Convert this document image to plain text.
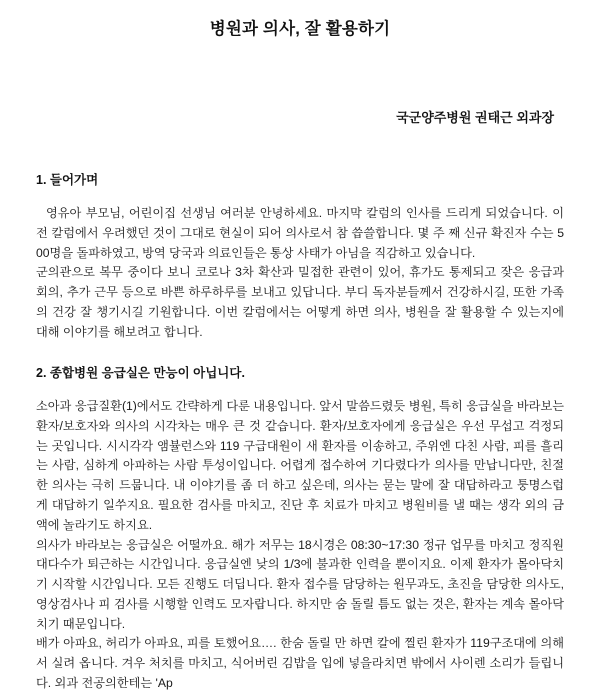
병원과 의사, 잘 활용하기

국군양주병원 권태근 외과장

1. 들어가며

영유아 부모님, 어린이집 선생님 여러분 안녕하세요. 마지막 칼럼의 인사를 드리게 되었습니다. 이전 칼럼에서 우려했던 것이 그대로 현실이 되어 의사로서 참 씁쓸합니다. 몇 주 째 신규 확진자 수는 500명을 돌파하였고, 방역 당국과 의료인들은 통상 사태가 아님을 직감하고 있습니다.

군의관으로 복무 중이다 보니 코로나 3차 확산과 밀접한 관련이 있어, 휴가도 통제되고 잦은 응급과 회의, 추가 근무 등으로 바쁜 하루하루를 보내고 있답니다. 부디 독자분들께서 건강하시길, 또한 가족의 건강 잘 챙기시길 기원합니다. 이번 칼럼에서는 어떻게 하면 의사, 병원을 잘 활용할 수 있는지에 대해 이야기를 해보려고 합니다.

2. 종합병원 응급실은 만능이 아닙니다.

소아과 응급질환(1)에서도 간략하게 다룬 내용입니다. 앞서 말씀드렸듯 병원, 특히 응급실을 바라보는 환자/보호자와 의사의 시각차는 매우 큰 것 같습니다. 환자/보호자에게 응급실은 우선 무섭고 걱정되는 곳입니다. 시시각각 앰뷸런스와 119 구급대원이 새 환자를 이송하고, 주위엔 다친 사람, 피를 흘리는 사람, 심하게 아파하는 사람 투성이입니다. 어렵게 접수하여 기다렸다가 의사를 만납니다만, 친절한 의사는 극히 드뭅니다. 내 이야기를 좀 더 하고 싶은데, 의사는 묻는 말에 잘 대답하라고 퉁명스럽게 대답하기 일쑤지요. 필요한 검사를 마치고, 진단 후 치료가 마치고 병원비를 낼 때는 생각 외의 금액에 놀라기도 하지요.

의사가 바라보는 응급실은 어떨까요. 해가 저무는 18시경은 08:30~17:30 정규 업무를 마치고 정직원 대다수가 퇴근하는 시간입니다. 응급실엔 낮의 1/3에 불과한 인력을 뿐이지요. 이제 환자가 몰아닥치기 시작할 시간입니다. 모든 진행도 더딥니다. 환자 접수를 담당하는 원무과도, 초진을 담당한 의사도, 영상검사나 피 검사를 시행할 인력도 모자랍니다. 하지만 숨 돌릴 틈도 없는 것은, 환자는 계속 몰아닥치기 때문입니다.

배가 아파요, 허리가 아파요, 피를 토했어요…. 한숨 돌릴 만 하면 칼에 찔린 환자가 119구조대에 의해서 실려 옵니다. 겨우 처치를 마치고, 식어버린 김밥을 입에 넣을라치면 밖에서 사이렌 소리가 들립니다. 외과 전공의한테는 'Ap
